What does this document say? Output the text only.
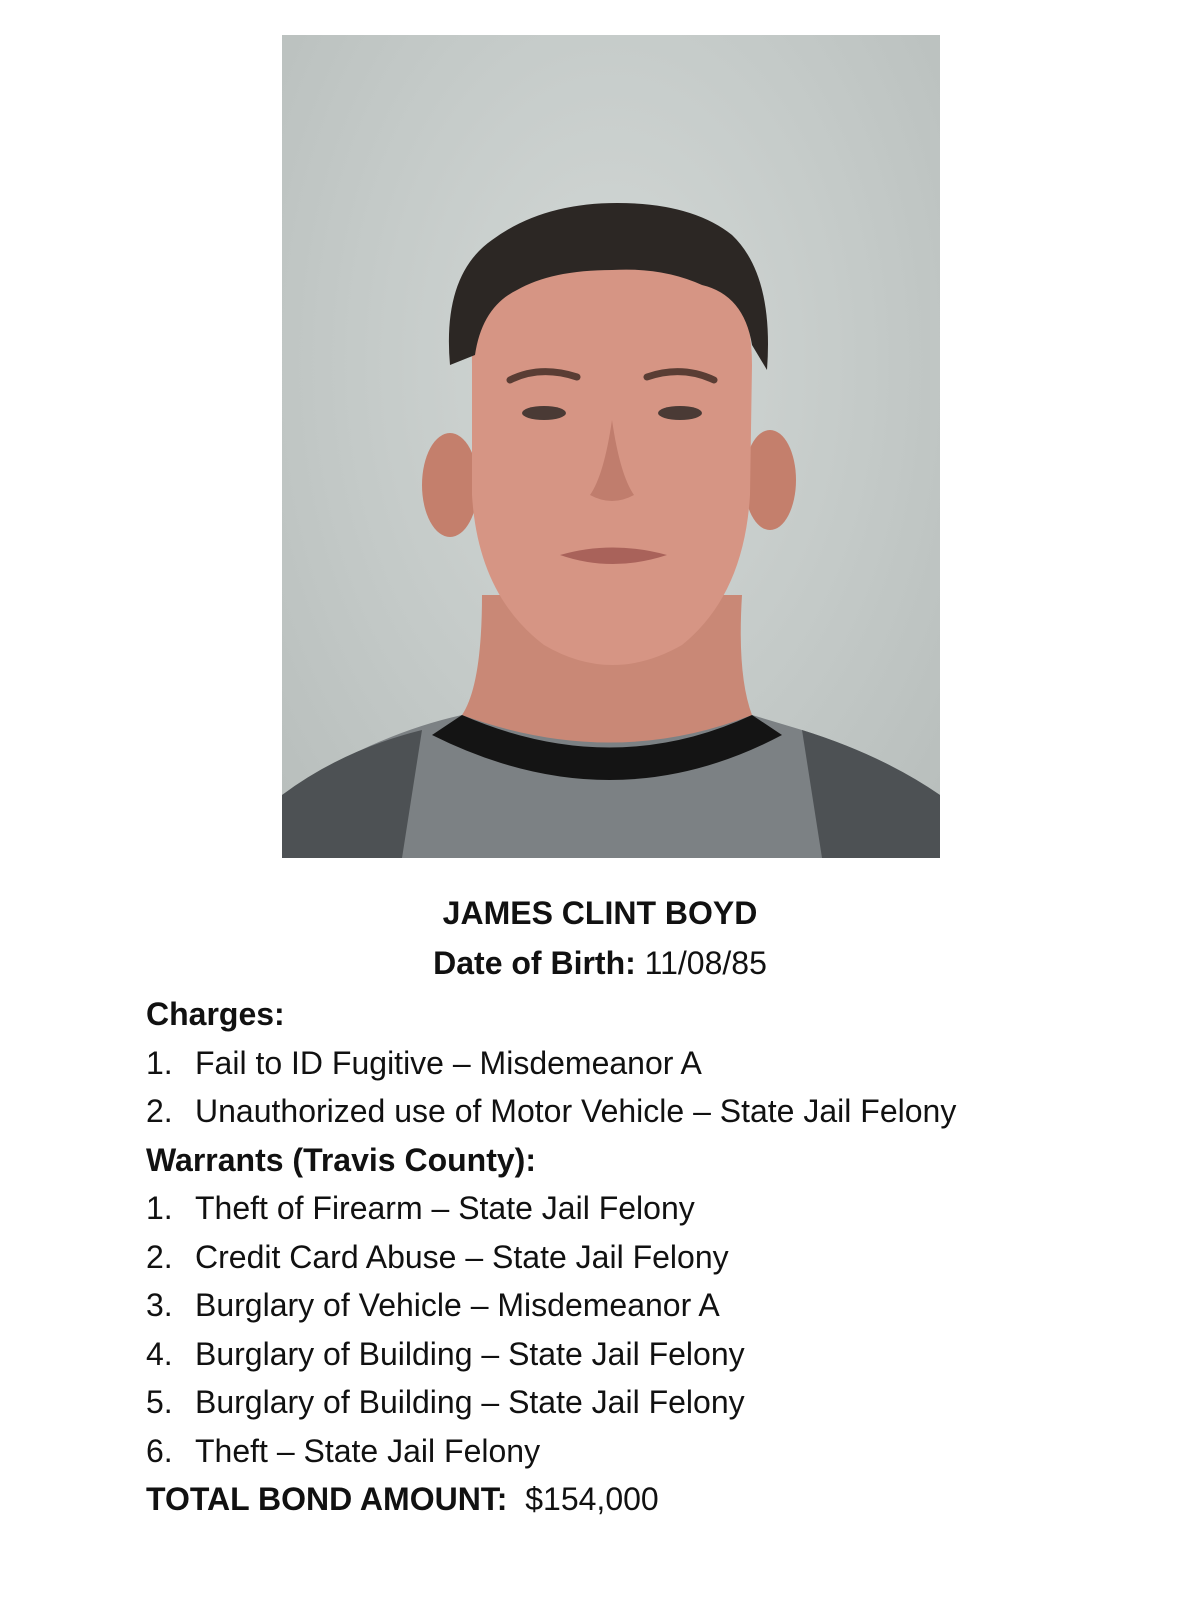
JAMES CLINT BOYD
Date of Birth: 11/08/85
Charges:
1. Fail to ID Fugitive – Misdemeanor A
2. Unauthorized use of Motor Vehicle – State Jail Felony
Warrants (Travis County):
1. Theft of Firearm – State Jail Felony
2. Credit Card Abuse – State Jail Felony
3. Burglary of Vehicle – Misdemeanor A
4. Burglary of Building – State Jail Felony
5. Burglary of Building – State Jail Felony
6. Theft – State Jail Felony
TOTAL BOND AMOUNT: $154,000
